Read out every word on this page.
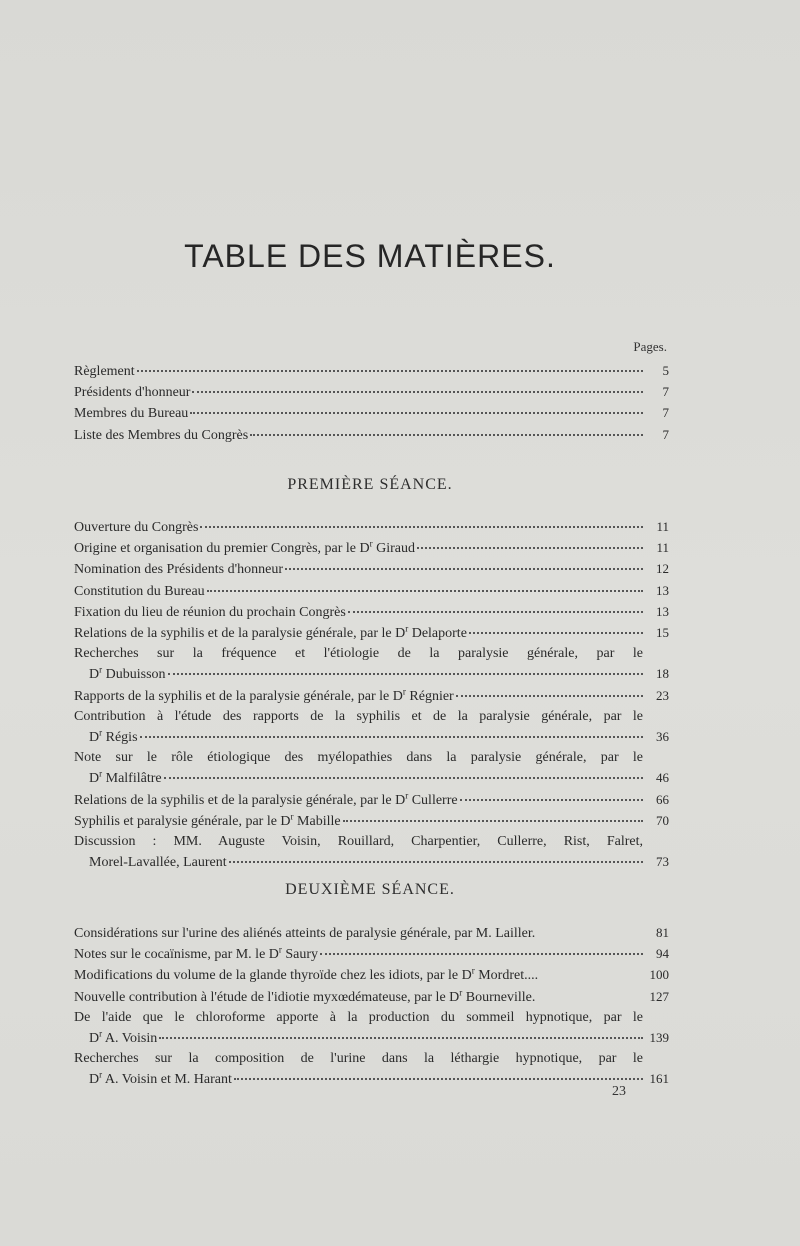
TABLE DES MATIÈRES.
Pages.
Règlement	5
Présidents d'honneur	7
Membres du Bureau	7
Liste des Membres du Congrès	7
PREMIÈRE SÉANCE.
Ouverture du Congrès	11
Origine et organisation du premier Congrès, par le $D^r$ Giraud	11
Nomination des Présidents d'honneur	12
Constitution du Bureau	13
Fixation du lieu de réunion du prochain Congrès	13
Relations de la syphilis et de la paralysie générale, par le $D^r$ Delaporte	15
Recherches sur la fréquence et l'étiologie de la paralysie générale, par le
$D^r$ Dubuisson	18
Rapports de la syphilis et de la paralysie générale, par le $D^r$ Régnier	23
Contribution à l'étude des rapports de la syphilis et de la paralysie générale, par le
$D^r$ Régis	36
Note sur le rôle étiologique des myélopathies dans la paralysie générale, par le
$D^r$ Malfilâtre	46
Relations de la syphilis et de la paralysie générale, par le $D^r$ Cullerre	66
Syphilis et paralysie générale, par le $D^r$ Mabille	70
Discussion : MM. Auguste Voisin, Rouillard, Charpentier, Cullerre, Rist, Falret,
Morel-Lavallée, Laurent	73
DEUXIÈME SÉANCE.
Considérations sur l'urine des aliénés atteints de paralysie générale, par M. Lailler.	81
Notes sur le cocaïnisme, par M. le $D^r$ Saury	94
Modifications du volume de la glande thyroïde chez les idiots, par le $D^r$ Mordret....	100
Nouvelle contribution à l'étude de l'idiotie myxœdémateuse, par le $D^r$ Bourneville.	127
De l'aide que le chloroforme apporte à la production du sommeil hypnotique, par le
$D^r$ A. Voisin	139
Recherches sur la composition de l'urine dans la léthargie hypnotique, par le
$D^r$ A. Voisin et M. Harant	161
23
